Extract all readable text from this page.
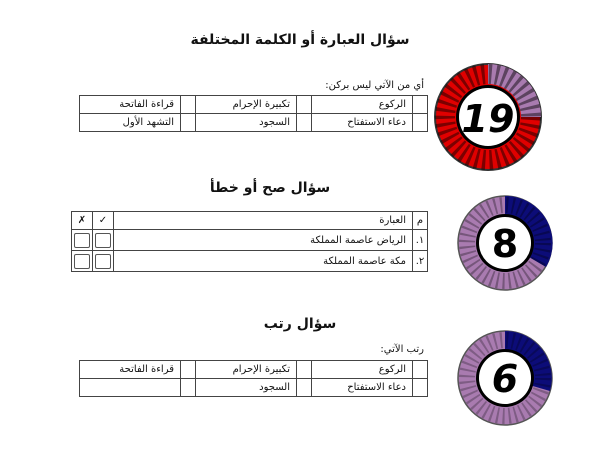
سؤال العبارة أو الكلمة المختلفة
أي من الآتي ليس بركن:
	الركوع		تكبيرة الإحرام		قراءة الفاتحة
	دعاء الاستفتاح		السجود		التشهد الأول	19
سؤال صح أو خطأ
م	العبارة	✓	✗
١.	الرياض عاصمة المملكة		
٢.	مكة عاصمة المملكة		8
سؤال رتب
رتب الآتي:
	الركوع		تكبيرة الإحرام		قراءة الفاتحة
	دعاء الاستفتاح		السجود			6
